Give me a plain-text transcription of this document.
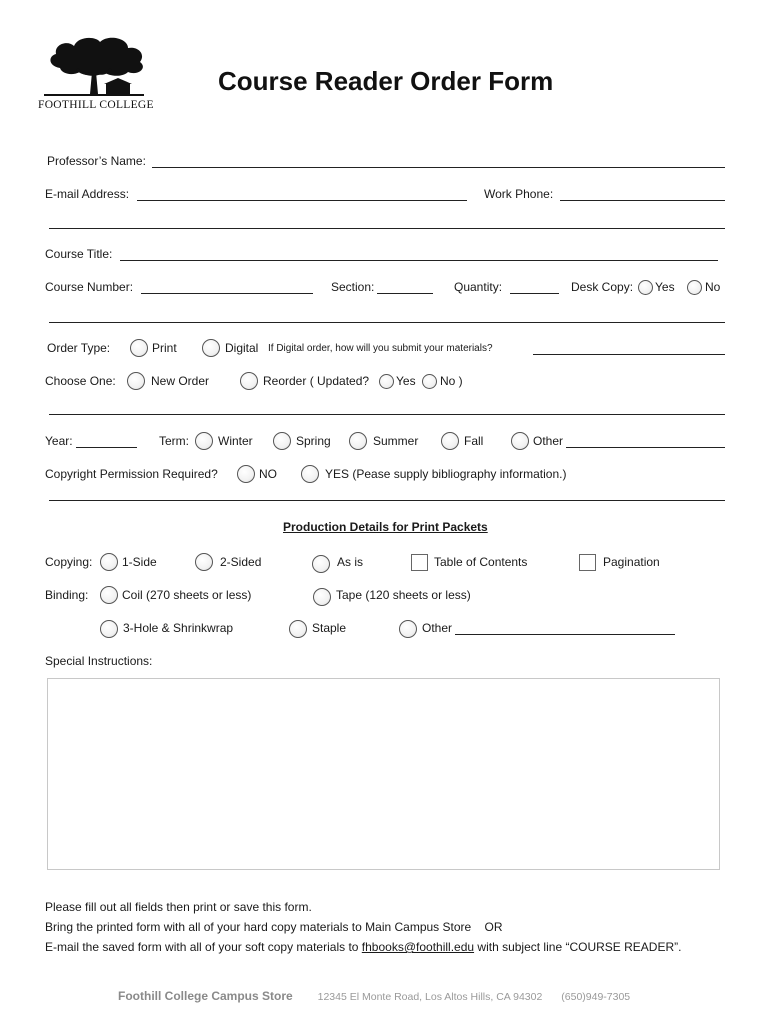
FOOTHILL COLLEGE
Course Reader Order Form
Professor’s Name:
E-mail Address:	Work Phone:
Course Title:
Course Number:	Section:	Quantity:	Desk Copy: Yes	No
Order Type:	Print	Digital If Digital order, how will you submit your materials?
Choose One:	New Order	Reorder ( Updated? Yes No )
Year:	Term: Winter	Spring	Summer	Fall	Other
Copyright Permission Required?	NO	YES (Pease supply bibliography information.)
Production Details for Print Packets
Copying: 1-Side	2-Sided	As is	Table of Contents	Pagination
Binding:	Coil (270 sheets or less)	Tape (120 sheets or less)
3-Hole & Shrinkwrap	Staple	Other
Special Instructions:
Please fill out all fields then print or save this form.
Bring the printed form with all of your hard copy materials to Main Campus Store    OR
E-mail the saved form with all of your soft copy materials to fhbooks@foothill.edu with subject line “COURSE READER”.
Foothill College Campus Store 12345 El Monte Road, Los Altos Hills, CA 94302 (650)949-7305
